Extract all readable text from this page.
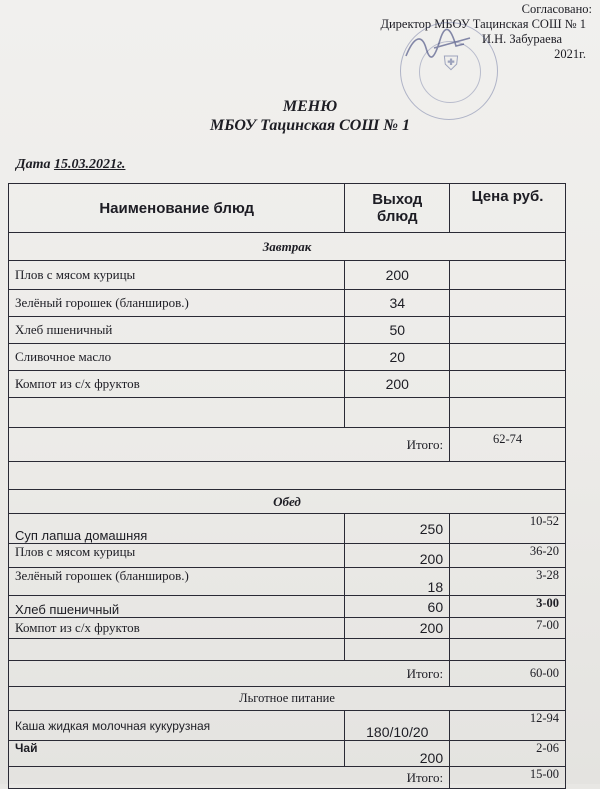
Согласовано:
Директор МБОУ Тацинская СОШ № 1
И.Н. Забураева
2021г.
⛨
МЕНЮ
МБОУ Тацинская СОШ № 1
Дата 15.03.2021г.
Наименование блюд	Выход блюд	Цена руб.
Завтрак		
Плов с мясом курицы	200	
Зелёный горошек (бланширов.)	34	
Хлеб пшеничный	50	
Сливочное масло	20	
Компот из с/х фруктов	200	

Итого:		62-74

Обед		
Суп лапша домашняя	250	10-52
Плов с мясом курицы	200	36-20
Зелёный горошек (бланширов.)	18	3-28
Хлеб пшеничный	60	3-00
Компот из с/х фруктов	200	7-00

Итого:		60-00
Льготное питание		
Каша жидкая молочная кукурузная	180/10/20	12-94
Чай	200	2-06
Итого:		15-00
